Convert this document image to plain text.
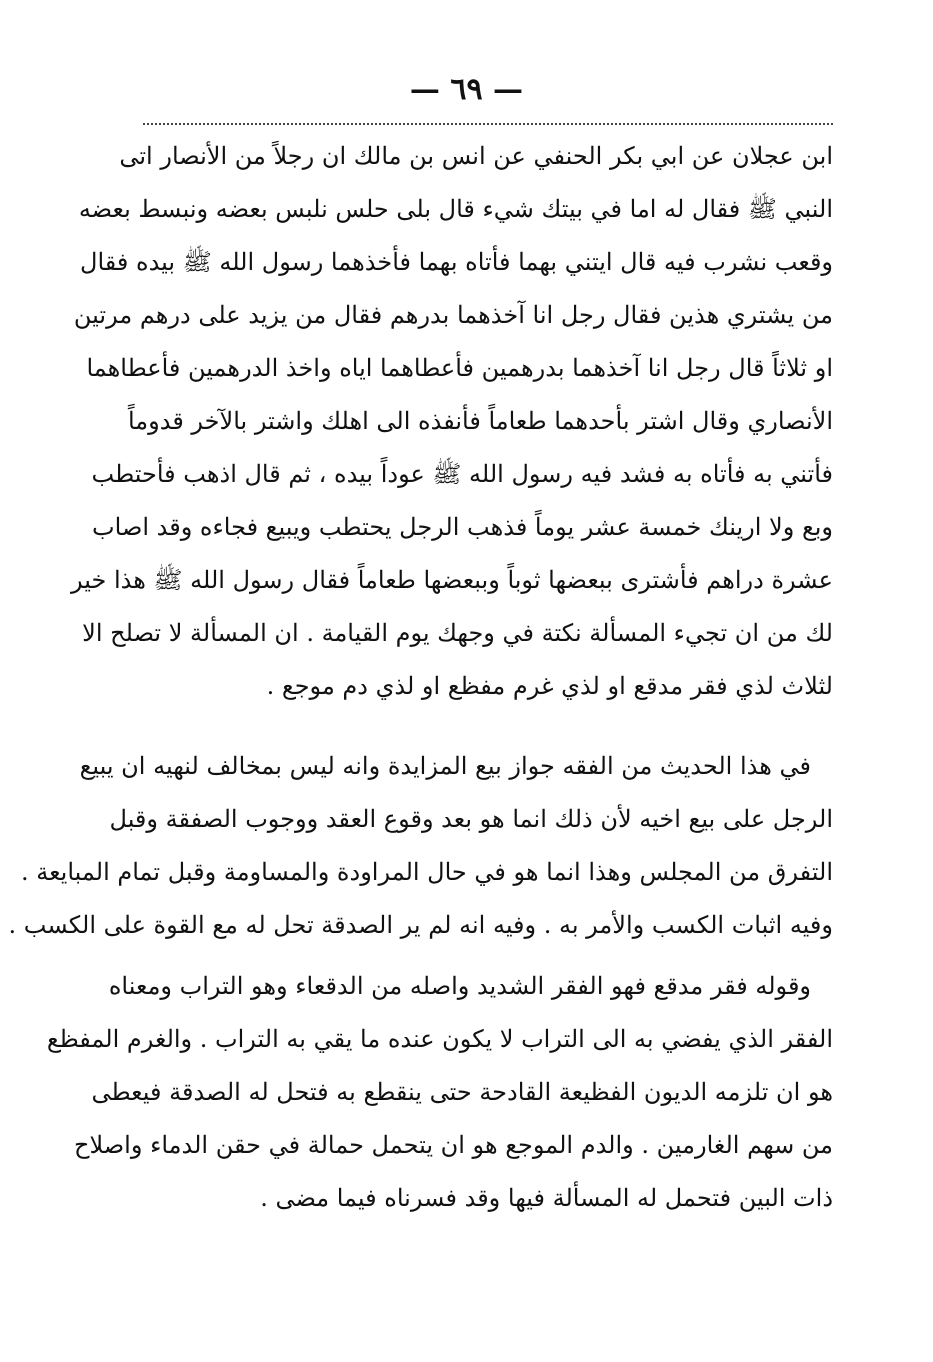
— ٦٩ —
ابن عجلان عن ابي بكر الحنفي عن انس بن مالك ان رجلاً من الأنصار اتى
النبي ﷺ فقال له اما في بيتك شيء قال بلى حلس نلبس بعضه ونبسط بعضه
وقعب نشرب فيه قال ايتني بهما فأتاه بهما فأخذهما رسول الله ﷺ بيده فقال
من يشتري هذين فقال رجل انا آخذهما بدرهم فقال من يزيد على درهم مرتين
او ثلاثاً قال رجل انا آخذهما بدرهمين فأعطاهما اياه واخذ الدرهمين فأعطاهما
الأنصاري وقال اشتر بأحدهما طعاماً فأنفذه الى اهلك واشتر بالآخر قدوماً
فأتني به فأتاه به فشد فيه رسول الله ﷺ عوداً بيده ، ثم قال اذهب فأحتطب
وبع ولا ارينك خمسة عشر يوماً فذهب الرجل يحتطب ويبيع فجاءه وقد اصاب
عشرة دراهم فأشترى ببعضها ثوباً وببعضها طعاماً فقال رسول الله ﷺ هذا خير
لك من ان تجيء المسألة نكتة في وجهك يوم القيامة . ان المسألة لا تصلح الا
لثلاث لذي فقر مدقع او لذي غرم مفظع او لذي دم موجع .
في هذا الحديث من الفقه جواز بيع المزايدة وانه ليس بمخالف لنهيه ان يبيع
الرجل على بيع اخيه لأن ذلك انما هو بعد وقوع العقد ووجوب الصفقة وقبل
التفرق من المجلس وهذا انما هو في حال المراودة والمساومة وقبل تمام المبايعة .
وفيه اثبات الكسب والأمر به . وفيه انه لم ير الصدقة تحل له مع القوة على الكسب .
وقوله فقر مدقع فهو الفقر الشديد واصله من الدقعاء وهو التراب ومعناه
الفقر الذي يفضي به الى التراب لا يكون عنده ما يقي به التراب . والغرم المفظع
هو ان تلزمه الديون الفظيعة القادحة حتى ينقطع به فتحل له الصدقة فيعطى
من سهم الغارمين . والدم الموجع هو ان يتحمل حمالة في حقن الدماء واصلاح
ذات البين فتحمل له المسألة فيها وقد فسرناه فيما مضى .
